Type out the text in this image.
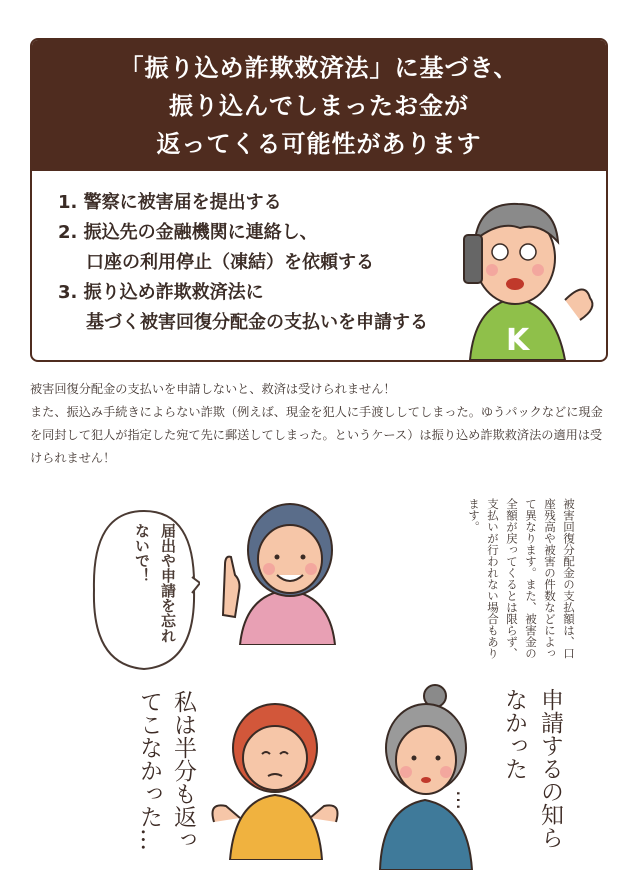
「振り込め詐欺救済法」に基づき、
振り込んでしまったお金が
返ってくる可能性があります
1. 警察に被害届を提出する
2. 振込先の金融機関に連絡し、
口座の利用停止（凍結）を依頼する
3. 振り込め詐欺救済法に
基づく被害回復分配金の支払いを申請する
K
被害回復分配金の支払いを申請しないと、救済は受けられません！
また、振込み手続きによらない詐欺（例えば、現金を犯人に手渡ししてしまった。ゆうパックなどに現金を同封して犯人が指定した宛て先に郵送してしまった。というケース）は振り込め詐欺救済法の適用は受けられません！
届出や申請を忘れないで！	被害回復分配金の支払額は、口座残高や被害の件数などによって異なります。また、被害金の全額が戻ってくるとは限らず、支払いが行われない場合もあります。
私は半分も返ってこなかった…	申請するの知らなかった
…
